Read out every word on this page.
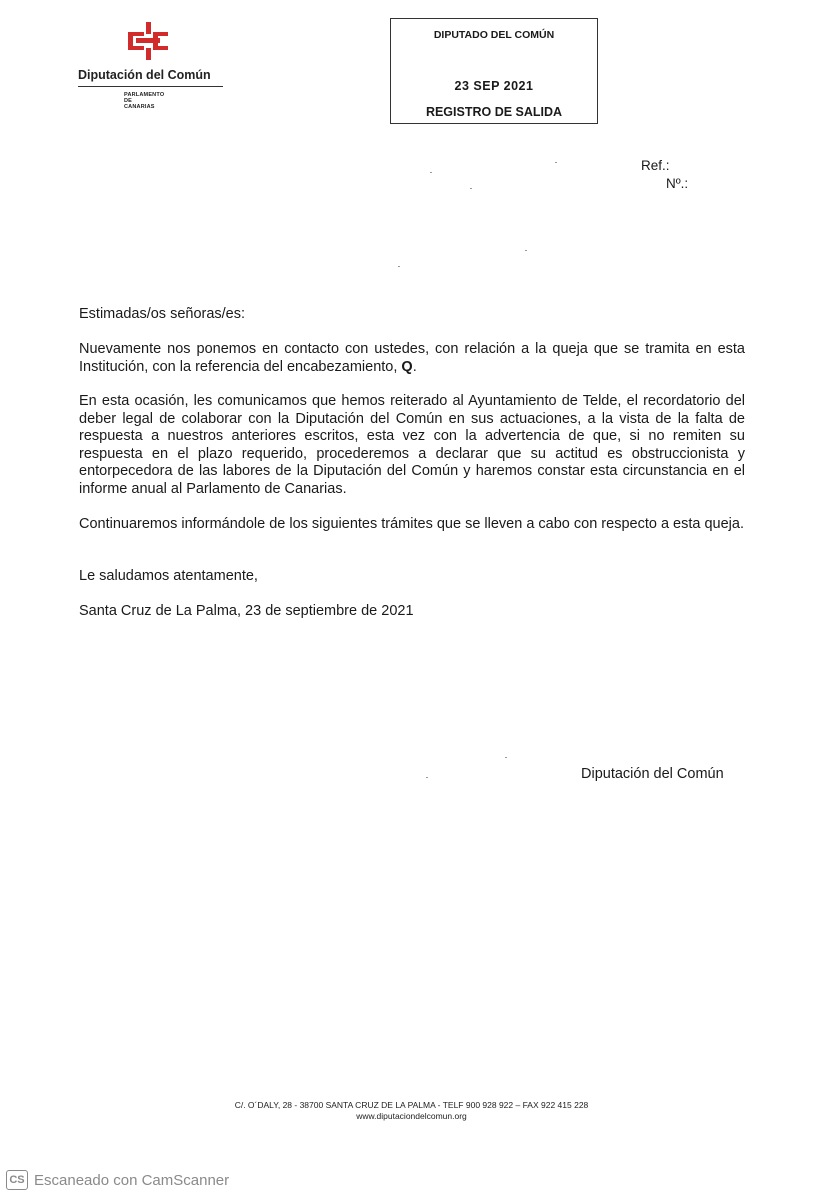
Diputación del Común
PARLAMENTO DE CANARIAS
DIPUTADO DEL COMÚN
23 SEP 2021
REGISTRO DE SALIDA
Ref.:
Nº.:
Estimadas/os señoras/es:
Nuevamente nos ponemos en contacto con ustedes, con relación a la queja que se tramita en esta Institución, con la referencia del encabezamiento, Q.
En esta ocasión, les comunicamos que hemos reiterado al Ayuntamiento de Telde, el recordatorio del deber legal de colaborar con la Diputación del Común en sus actuaciones, a la vista de la falta de respuesta a nuestros anteriores escritos, esta vez con la advertencia de que, si no remiten su respuesta en el plazo requerido, procederemos a declarar que su actitud es obstruccionista y entorpecedora de las labores de la Diputación del Común y haremos constar esta circunstancia en el informe anual al Parlamento de Canarias.
Continuaremos informándole de los siguientes trámites que se lleven a cabo con respecto a esta queja.
Le saludamos atentamente,
Santa Cruz de La Palma, 23 de septiembre de 2021
Diputación del Común
C/. O´DALY, 28 - 38700 SANTA CRUZ DE LA PALMA - TELF 900 928 922 – FAX 922 415 228
www.diputaciondelcomun.org
CS Escaneado con CamScanner
